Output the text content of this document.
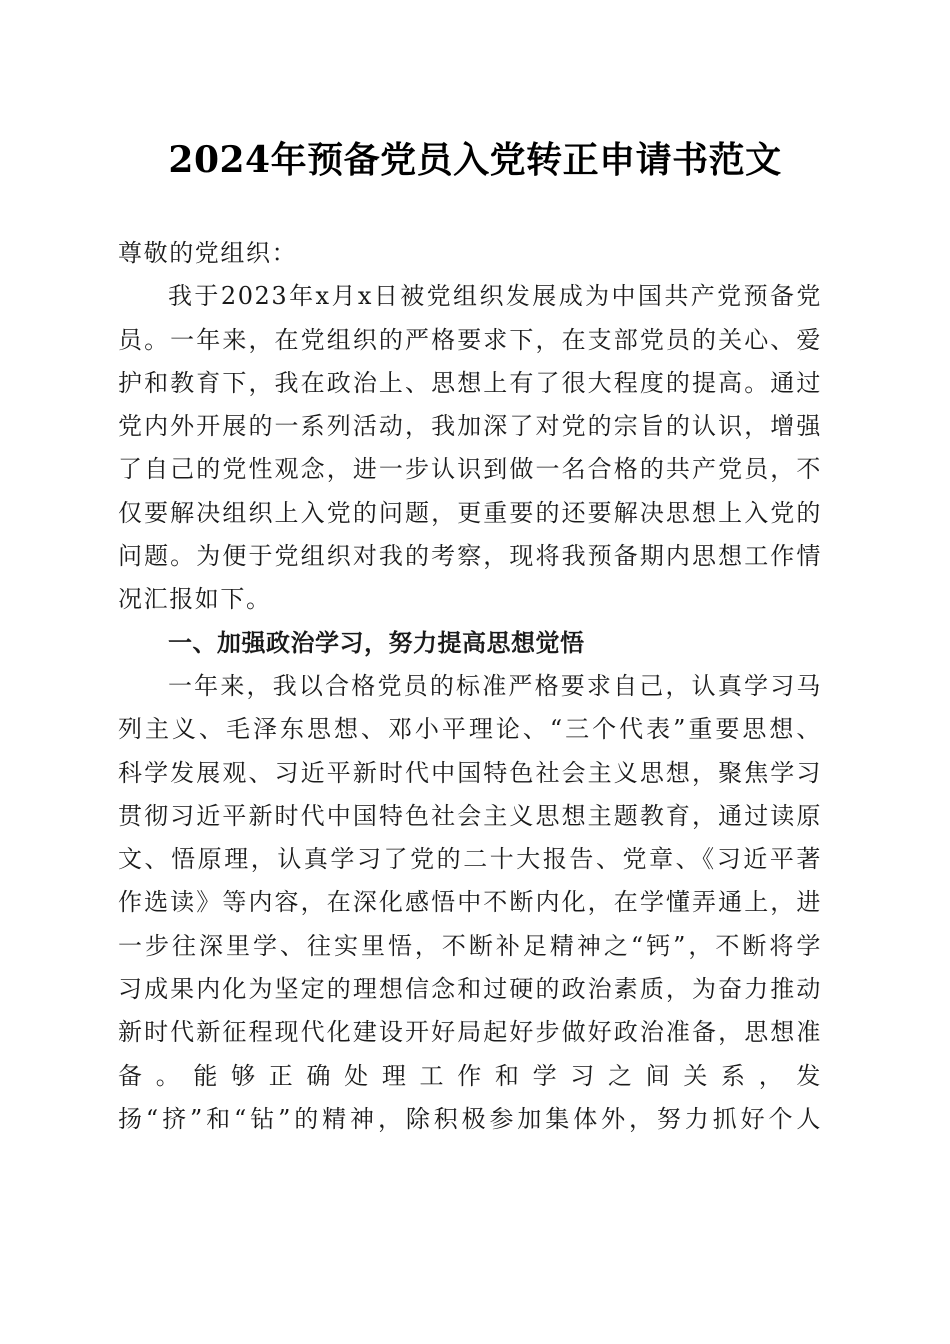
2024年预备党员入党转正申请书范文
尊敬的党组织：
我于2023年x月x日被党组织发展成为中国共产党预备党
员。一年来，在党组织的严格要求下，在支部党员的关心、爱
护和教育下，我在政治上、思想上有了很大程度的提高。通过
党内外开展的一系列活动，我加深了对党的宗旨的认识，增强
了自己的党性观念，进一步认识到做一名合格的共产党员，不
仅要解决组织上入党的问题，更重要的还要解决思想上入党的
问题。为便于党组织对我的考察，现将我预备期内思想工作情
况汇报如下。
一、加强政治学习，努力提高思想觉悟
一年来，我以合格党员的标准严格要求自己，认真学习马
列主义、毛泽东思想、邓小平理论、“三个代表”重要思想、
科学发展观、习近平新时代中国特色社会主义思想，聚焦学习
贯彻习近平新时代中国特色社会主义思想主题教育，通过读原
文、悟原理，认真学习了党的二十大报告、党章、《习近平著
作选读》等内容，在深化感悟中不断内化，在学懂弄通上，进
一步往深里学、往实里悟，不断补足精神之“钙”，不断将学
习成果内化为坚定的理想信念和过硬的政治素质，为奋力推动
新时代新征程现代化建设开好局起好步做好政治准备，思想准
备。能够正确处理工作和学习之间关系，发
扬“挤”和“钻”的精神，除积极参加集体外，努力抓好个人
